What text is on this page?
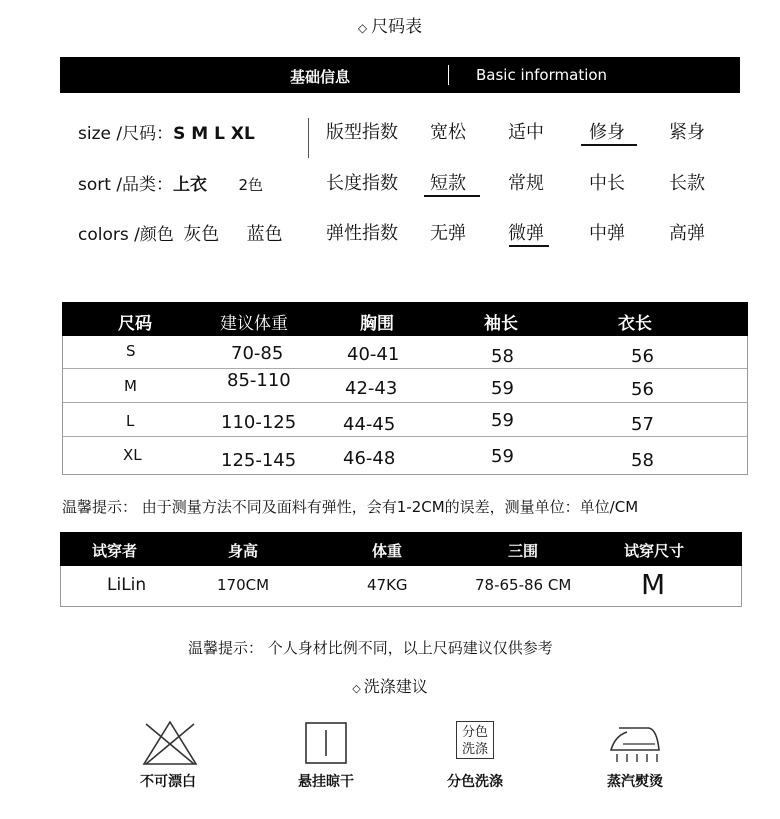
◇ 尺码表
基础信息	Basic information
size /尺码：S M L XL
sort /品类：上衣 2色
colors /颜色 灰色 蓝色
版型指数 宽松 适中	修身 紧身
长度指数 短款 常规	中长 长款
弹性指数 无弹 微弹	中弹 高弹
尺码	建议体重	胸围	袖长	衣长
S	70-85	40-41	58	56
M	85-110	42-43	59	56
L	110-125	44-45	59	57
XL	125-145	46-48	59	58
温馨提示： 由于测量方法不同及面料有弹性，会有1-2CM的误差，测量单位：单位/CM
试穿者	身高	体重	三围	试穿尺寸
LiLin	170CM	47KG	78-65-86 CM M
温馨提示： 个人身材比例不同，以上尺码建议仅供参考
◇ 洗涤建议
不可漂白	悬挂晾干
分色
洗涤
分色洗涤	蒸汽熨烫
